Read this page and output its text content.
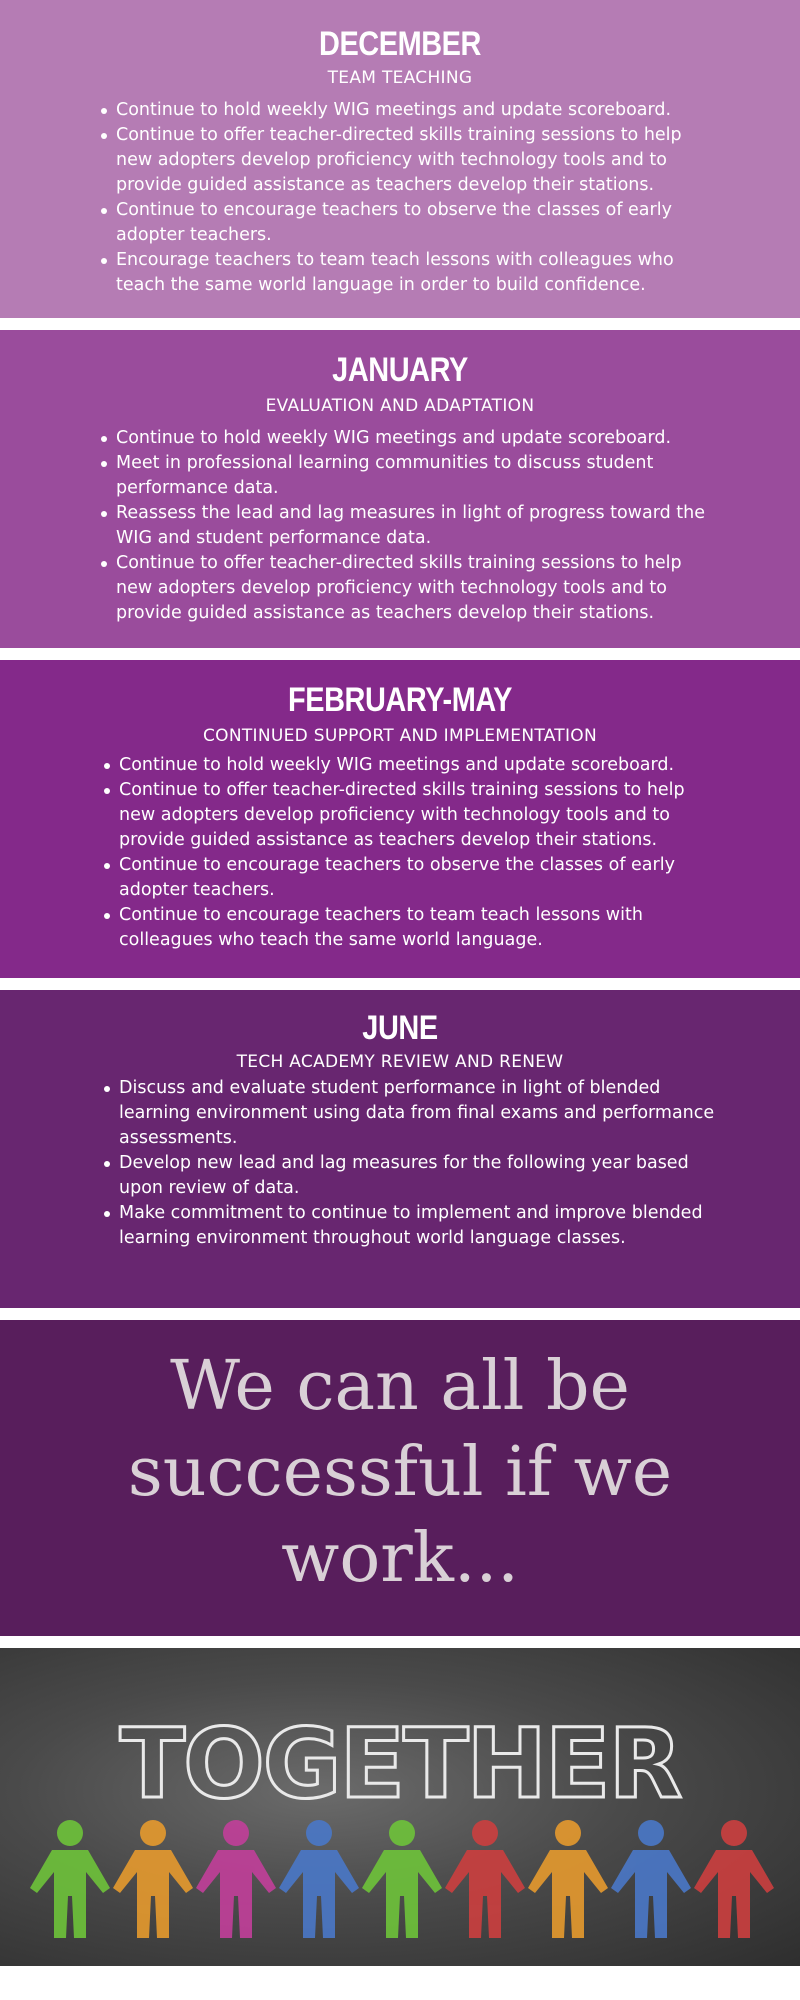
DECEMBER
TEAM TEACHING
Continue to hold weekly WIG meetings and update scoreboard.
Continue to offer teacher-directed skills training sessions to help new adopters develop proficiency with technology tools and to provide guided assistance as teachers develop their stations.
Continue to encourage teachers to observe the classes of early adopter teachers.
Encourage teachers to team teach lessons with colleagues who teach the same world language in order to build confidence.
JANUARY
EVALUATION AND ADAPTATION
Continue to hold weekly WIG meetings and update scoreboard.
Meet in professional learning communities to discuss student performance data.
Reassess the lead and lag measures in light of progress toward the WIG and student performance data.
Continue to offer teacher-directed skills training sessions to help new adopters develop proficiency with technology tools and to provide guided assistance as teachers develop their stations.
FEBRUARY-MAY
CONTINUED SUPPORT AND IMPLEMENTATION
Continue to hold weekly WIG meetings and update scoreboard.
Continue to offer teacher-directed skills training sessions to help new adopters develop proficiency with technology tools and to provide guided assistance as teachers develop their stations.
Continue to encourage teachers to observe the classes of early adopter teachers.
Continue to encourage teachers to team teach lessons with colleagues who teach the same world language.
JUNE
TECH ACADEMY REVIEW AND RENEW
Discuss and evaluate student performance in light of blended learning environment using data from final exams and performance assessments.
Develop new lead and lag measures for the following year based upon review of data.
Make commitment to continue to implement and improve blended learning environment throughout world language classes.

We can all be
successful if we
work...

TOGETHER
